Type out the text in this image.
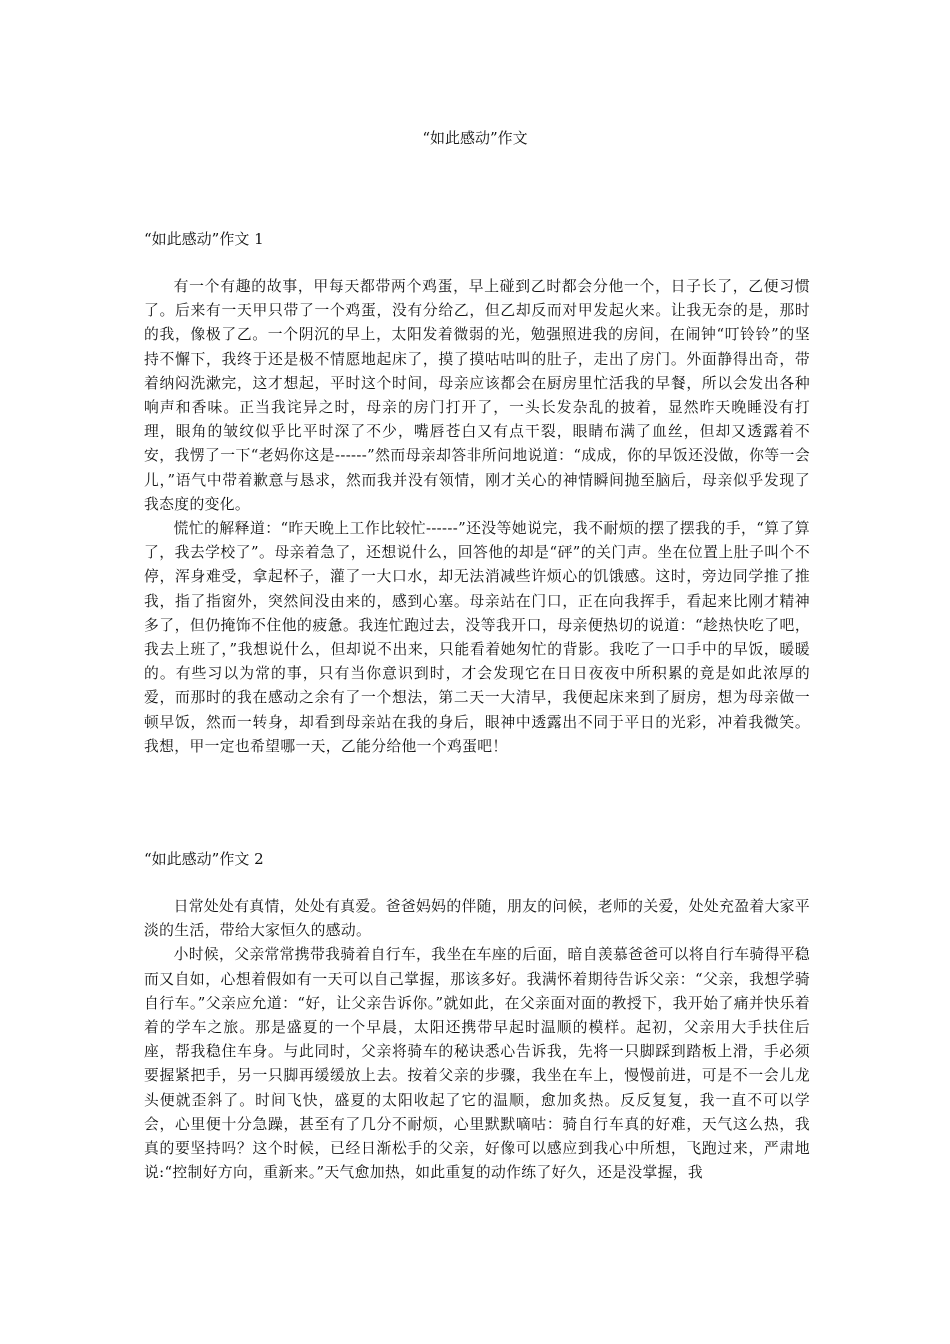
“如此感动”作文
“如此感动”作文 1

有一个有趣的故事，甲每天都带两个鸡蛋，早上碰到乙时都会分他一个，日子长了，乙便习惯了。后来有一天甲只带了一个鸡蛋，没有分给乙，但乙却反而对甲发起火来。让我无奈的是，那时的我，像极了乙。一个阴沉的早上，太阳发着微弱的光，勉强照进我的房间，在闹钟“叮铃铃”的坚持不懈下，我终于还是极不情愿地起床了，摸了摸咕咕叫的肚子，走出了房门。外面静得出奇，带着纳闷洗漱完，这才想起，平时这个时间，母亲应该都会在厨房里忙活我的早餐，所以会发出各种响声和香味。正当我诧异之时，母亲的房门打开了，一头长发杂乱的披着，显然昨天晚睡没有打理，眼角的皱纹似乎比平时深了不少，嘴唇苍白又有点干裂，眼睛布满了血丝，但却又透露着不安，我愣了一下“老妈你这是------”然而母亲却答非所问地说道：“成成，你的早饭还没做，你等一会儿，”语气中带着歉意与恳求，然而我并没有领情，刚才关心的神情瞬间抛至脑后，母亲似乎发现了我态度的变化。

慌忙的解释道：“昨天晚上工作比较忙------”还没等她说完，我不耐烦的摆了摆我的手，“算了算了，我去学校了”。母亲着急了，还想说什么，回答他的却是“砰”的关门声。坐在位置上肚子叫个不停，浑身难受，拿起杯子，灌了一大口水，却无法消减些许烦心的饥饿感。这时，旁边同学推了推我，指了指窗外，突然间没由来的，感到心塞。母亲站在门口，正在向我挥手，看起来比刚才精神多了，但仍掩饰不住他的疲惫。我连忙跑过去，没等我开口，母亲便热切的说道：“趁热快吃了吧，我去上班了，”我想说什么，但却说不出来，只能看着她匆忙的背影。我吃了一口手中的早饭，暖暖的。有些习以为常的事，只有当你意识到时，才会发现它在日日夜夜中所积累的竟是如此浓厚的爱，而那时的我在感动之余有了一个想法，第二天一大清早，我便起床来到了厨房，想为母亲做一顿早饭，然而一转身，却看到母亲站在我的身后，眼神中透露出不同于平日的光彩，冲着我微笑。我想，甲一定也希望哪一天，乙能分给他一个鸡蛋吧！

“如此感动”作文 2

日常处处有真情，处处有真爱。爸爸妈妈的伴随，朋友的问候，老师的关爱，处处充盈着大家平淡的生活，带给大家恒久的感动。

小时候，父亲常常携带我骑着自行车，我坐在车座的后面，暗自羡慕爸爸可以将自行车骑得平稳而又自如，心想着假如有一天可以自己掌握，那该多好。我满怀着期待告诉父亲：“父亲，我想学骑自行车。”父亲应允道：“好，让父亲告诉你。”就如此，在父亲面对面的教授下，我开始了痛并快乐着着的学车之旅。那是盛夏的一个早晨，太阳还携带早起时温顺的模样。起初，父亲用大手扶住后座，帮我稳住车身。与此同时，父亲将骑车的秘诀悉心告诉我，先将一只脚踩到踏板上滑，手必须要握紧把手，另一只脚再缓缓放上去。按着父亲的步骤，我坐在车上，慢慢前进，可是不一会儿龙头便就歪斜了。时间飞快，盛夏的太阳收起了它的温顺，愈加炙热。反反复复，我一直不可以学会，心里便十分急躁，甚至有了几分不耐烦，心里默默嘀咕：骑自行车真的好难，天气这么热，我真的要坚持吗？这个时候，已经日渐松手的父亲，好像可以感应到我心中所想，飞跑过来，严肃地说:“控制好方向，重新来。”天气愈加热，如此重复的动作练了好久，还是没掌握，我
